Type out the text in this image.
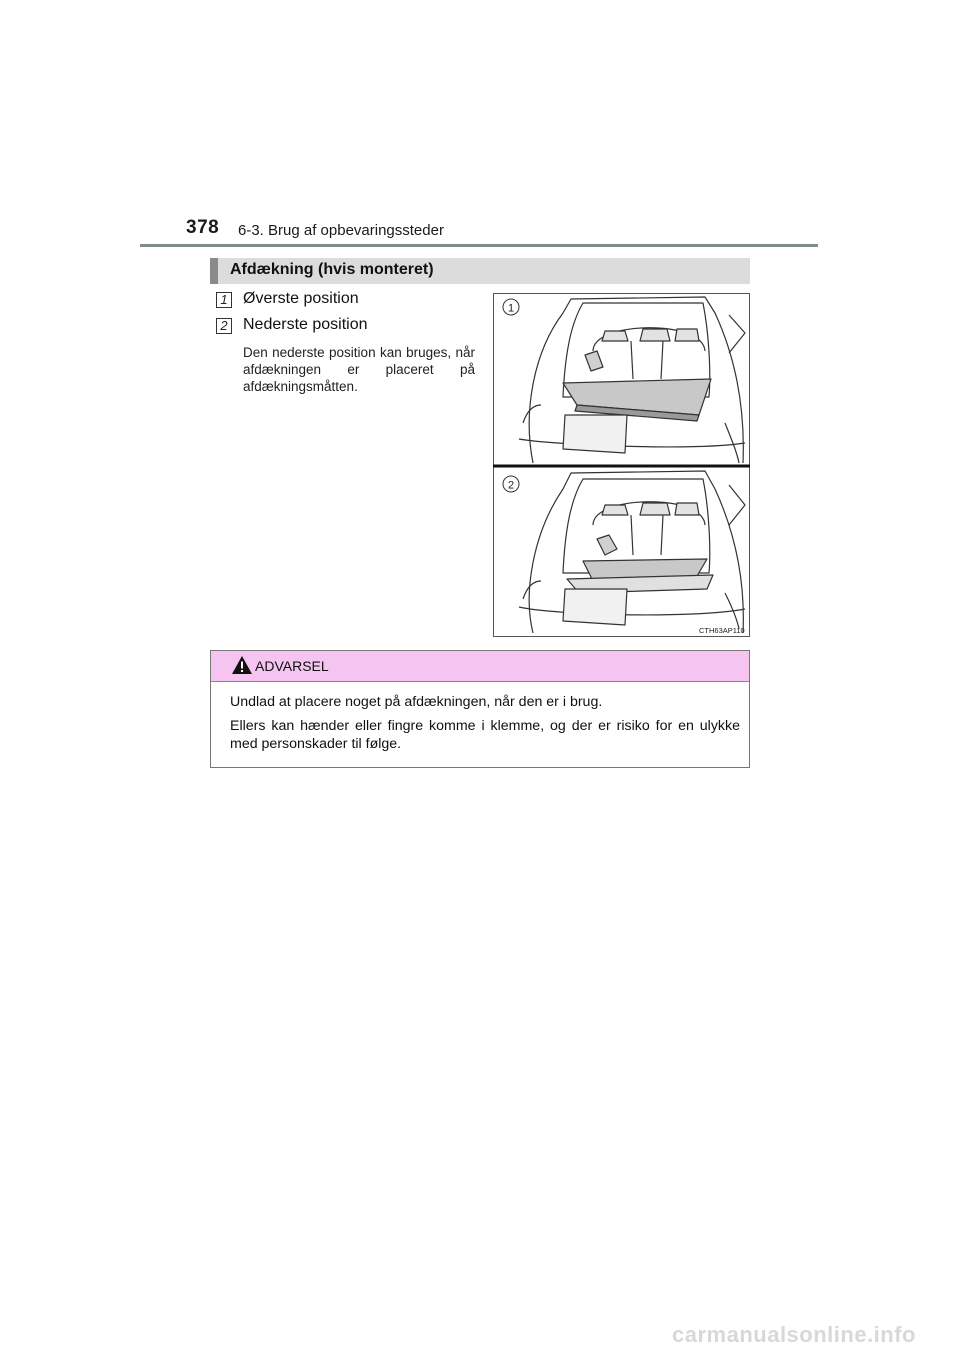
378 6-3. Brug af opbevaringssteder
Afdækning (hvis monteret)
1 Øverste position
2 Nederste position
Den nederste position kan bruges, når afdækningen er placeret på afdækningsmåtten.
1
2
CTH63AP110
ADVARSEL
Undlad at placere noget på afdækningen, når den er i brug.
Ellers kan hænder eller fingre komme i klemme, og der er risiko for en ulykke med personskader til følge.
carmanualsonline.info
